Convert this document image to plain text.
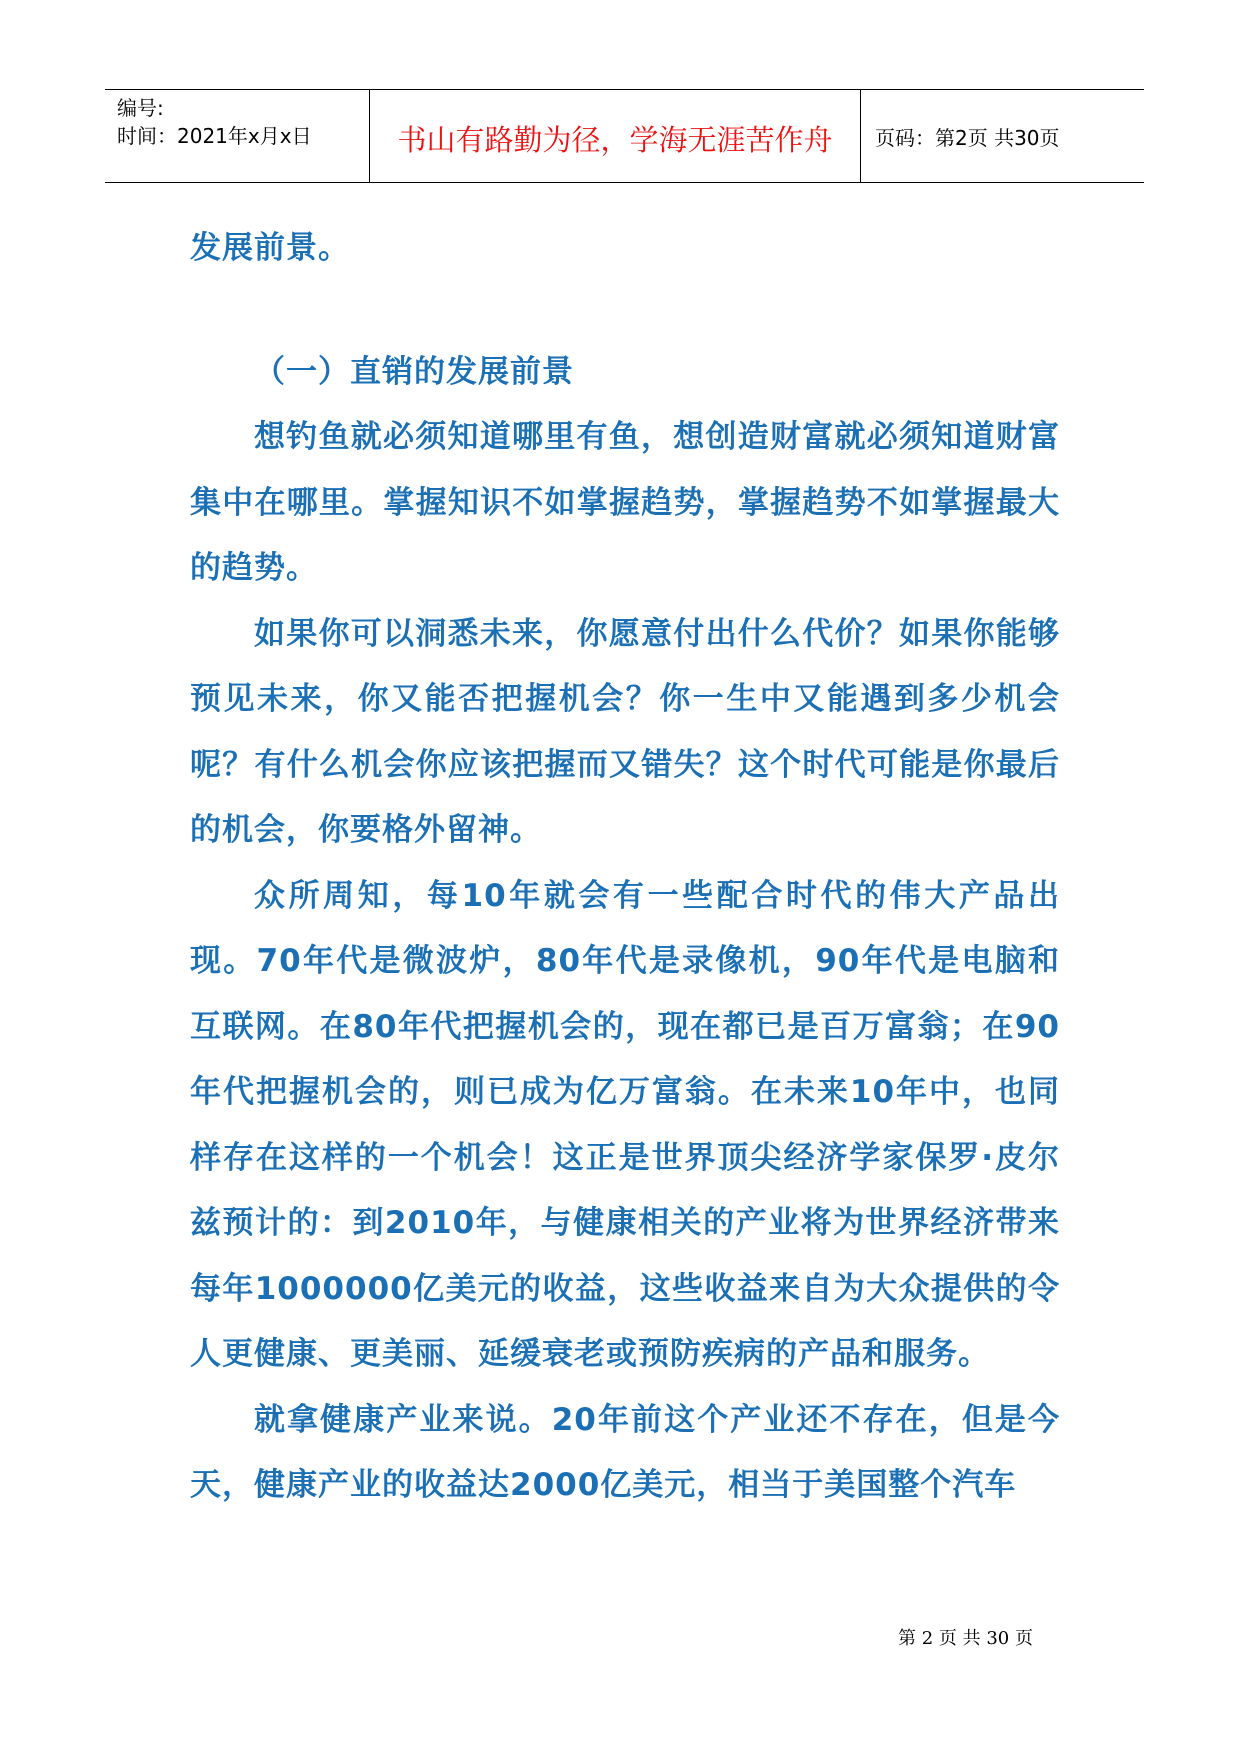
编号:
时间：2021年x月x日	书山有路勤为径，学海无涯苦作舟	页码：第2页 共30页

发展前景。

（一）直销的发展前景

想钓鱼就必须知道哪里有鱼，想创造财富就必须知道财富集中在哪里。掌握知识不如掌握趋势，掌握趋势不如掌握最大的趋势。

如果你可以洞悉未来，你愿意付出什么代价？如果你能够预见未来，你又能否把握机会？你一生中又能遇到多少机会呢？有什么机会你应该把握而又错失？这个时代可能是你最后的机会，你要格外留神。

众所周知，每10年就会有一些配合时代的伟大产品出现。70年代是微波炉，80年代是录像机，90年代是电脑和互联网。在80年代把握机会的，现在都已是百万富翁；在90年代把握机会的，则已成为亿万富翁。在未来10年中，也同样存在这样的一个机会！这正是世界顶尖经济学家保罗·皮尔兹预计的：到2010年，与健康相关的产业将为世界经济带来每年1000000亿美元的收益，这些收益来自为大众提供的令人更健康、更美丽、延缓衰老或预防疾病的产品和服务。

就拿健康产业来说。20年前这个产业还不存在，但是今天，健康产业的收益达2000亿美元，相当于美国整个汽车

第 2 页 共 30 页
